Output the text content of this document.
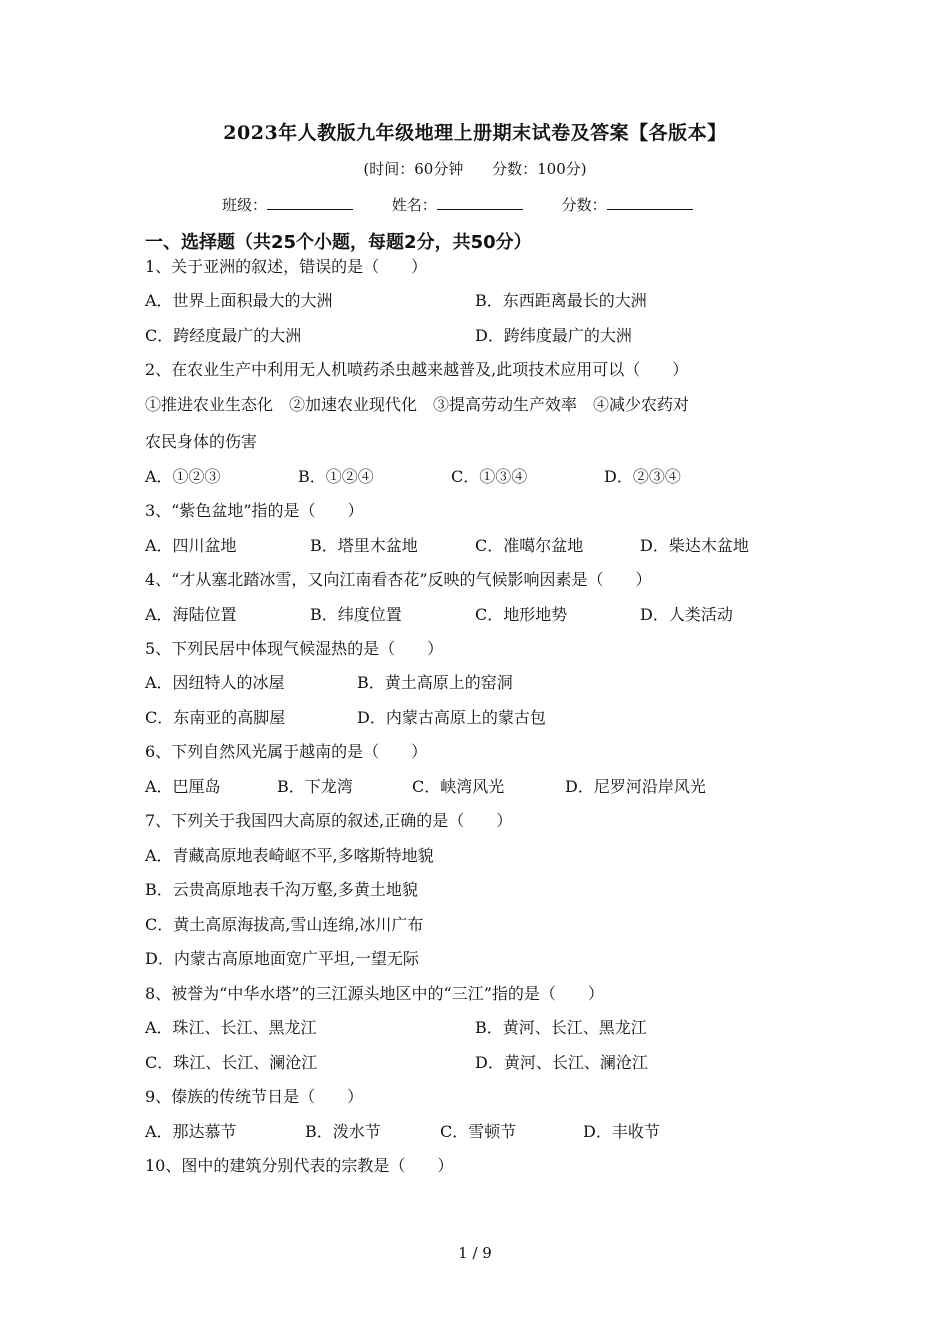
2023年人教版九年级地理上册期末试卷及答案【各版本】
(时间：60分钟 分数：100分)
班级：	姓名：	分数：
一、选择题（共25个小题，每题2分，共50分）
1、关于亚洲的叙述，错误的是（　　）
A．世界上面积最大的大洲	B．东西距离最长的大洲
C．跨经度最广的大洲	D．跨纬度最广的大洲
2、在农业生产中利用无人机喷药杀虫越来越普及,此项技术应用可以（　　）
①推进农业生态化　②加速农业现代化　③提高劳动生产效率　④减少农药对
农民身体的伤害
A．①②③	B．①②④	C．①③④	D．②③④
3、“紫色盆地”指的是（　　）
A．四川盆地	B．塔里木盆地	C．准噶尔盆地	D．柴达木盆地
4、“才从塞北踏冰雪，又向江南看杏花”反映的气候影响因素是（　　）
A．海陆位置	B．纬度位置	C．地形地势	D．人类活动
5、下列民居中体现气候湿热的是（　　）
A．因纽特人的冰屋	B．黄土高原上的窑洞
C．东南亚的高脚屋	D．内蒙古高原上的蒙古包
6、下列自然风光属于越南的是（　　）
A．巴厘岛	B．下龙湾	C．峡湾风光	D．尼罗河沿岸风光
7、下列关于我国四大高原的叙述,正确的是（　　）
A．青藏高原地表崎岖不平,多喀斯特地貌
B．云贵高原地表千沟万壑,多黄土地貌
C．黄土高原海拔高,雪山连绵,冰川广布
D．内蒙古高原地面宽广平坦,一望无际
8、被誉为“中华水塔”的三江源头地区中的“三江”指的是（　　）
A．珠江、长江、黑龙江	B．黄河、长江、黑龙江
C．珠江、长江、澜沧江	D．黄河、长江、澜沧江
9、傣族的传统节日是（　　）
A．那达慕节	B．泼水节	C．雪顿节	D．丰收节
10、图中的建筑分别代表的宗教是（　　）
1 / 9
